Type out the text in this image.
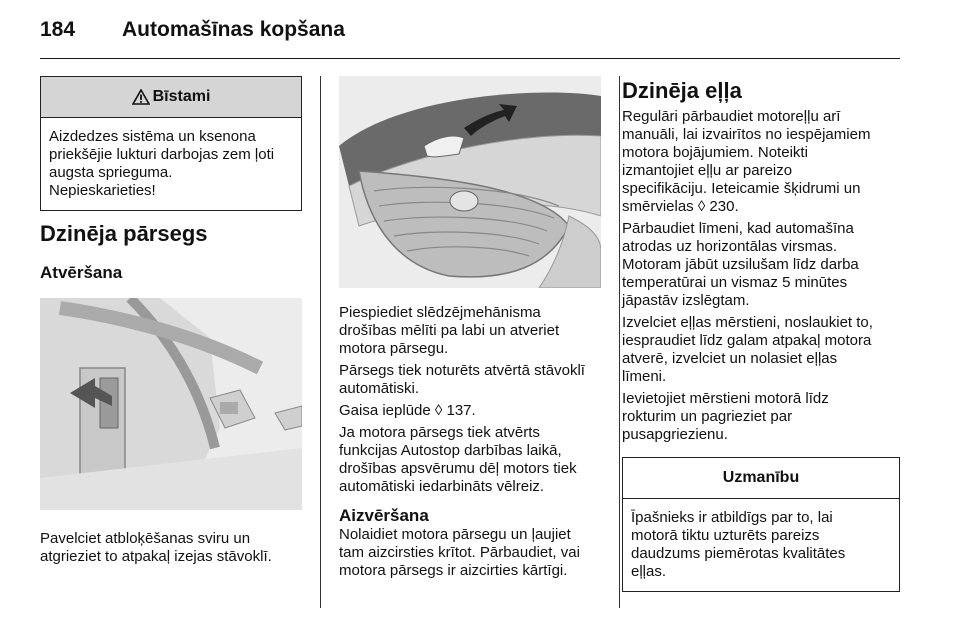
184 Automašīnas kopšana
Bīstami

Aizdedzes sistēma un ksenona

priekšējie lukturi darbojas zem ļoti

augsta sprieguma.

Nepieskarieties!

Dzinēja pārsegs
Atvēršana

Pavelciet atbloķēšanas sviru un

atgrieziet to atpakaļ izejas stāvoklī.

Piespiediet slēdzējmehānisma

drošības mēlīti pa labi un atveriet

motora pārsegu.

Pārsegs tiek noturēts atvērtā stāvoklī

automātiski.

Gaisa ieplūde ◊ 137.

Ja motora pārsegs tiek atvērts

funkcijas Autostop darbības laikā,

drošības apsvērumu dēļ motors tiek

automātiski iedarbināts vēlreiz.

Aizvēršana

Nolaidiet motora pārsegu un ļaujiet

tam aizcirsties krītot. Pārbaudiet, vai

motora pārsegs ir aizcirties kārtīgi.

Dzinēja eļļa

Regulāri pārbaudiet motoreļļu arī

manuāli, lai izvairītos no iespējamiem

motora bojājumiem. Noteikti

izmantojiet eļļu ar pareizo

specifikāciju. Ieteicamie šķidrumi un

smērvielas ◊ 230.

Pārbaudiet līmeni, kad automašīna

atrodas uz horizontālas virsmas.

Motoram jābūt uzsilušam līdz darba

temperatūrai un vismaz 5 minūtes

jāpastāv izslēgtam.

Izvelciet eļļas mērstieni, noslaukiet to,

iespraudiet līdz galam atpakaļ motora

atverē, izvelciet un nolasiet eļļas

līmeni.

Ievietojiet mērstieni motorā līdz

rokturim un pagrieziet par

pusapgriezienu.

Uzmanību

Īpašnieks ir atbildīgs par to, lai

motorā tiktu uzturēts pareizs

daudzums piemērotas kvalitātes

eļļas.
